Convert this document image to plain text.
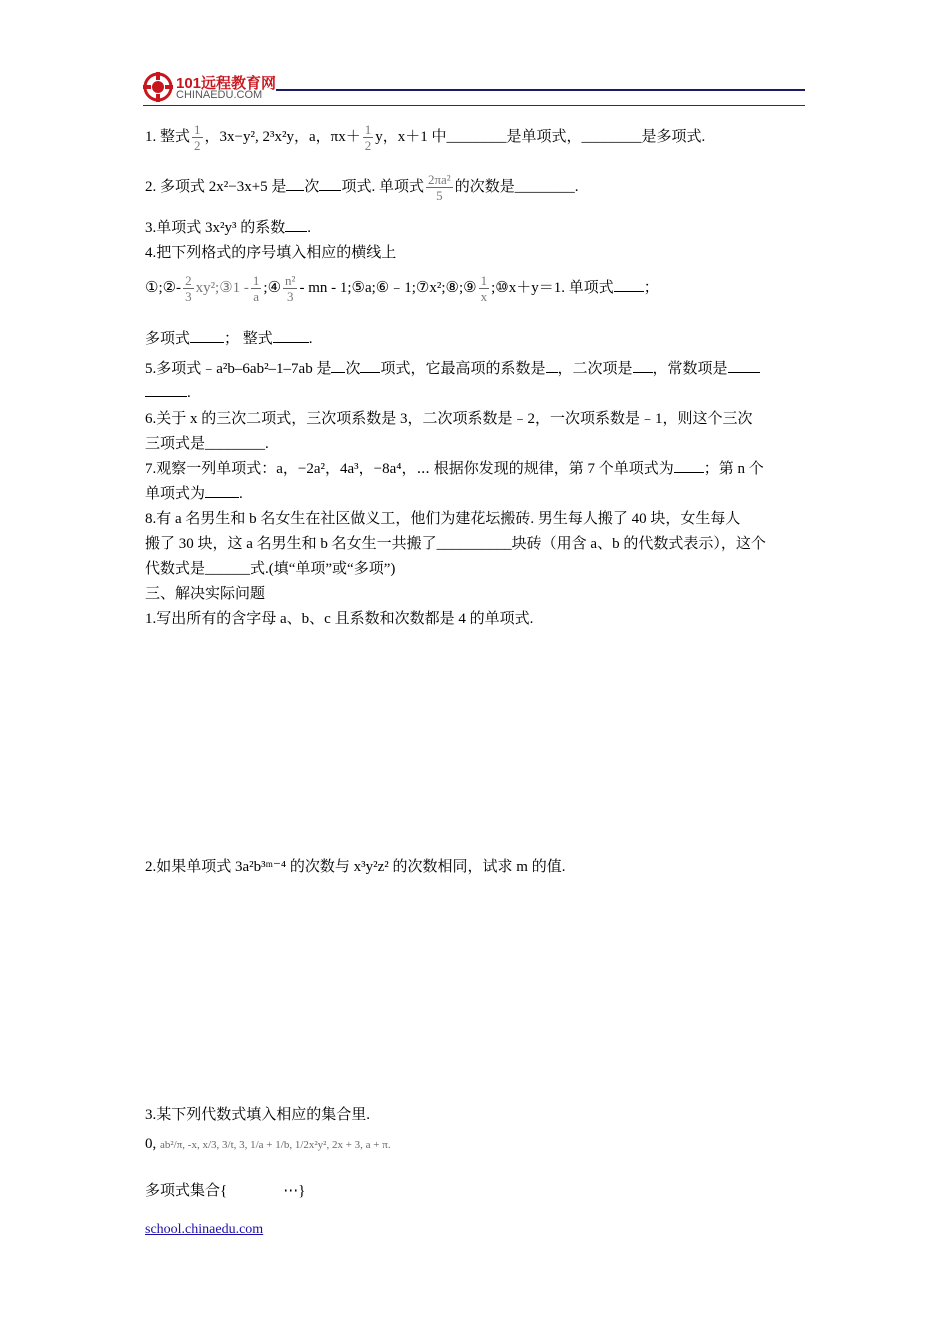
101远程教育网
CHINAEDU.COM
1. 整式 $\frac{1}{2}$ ，3x−y², 2³x²y，a，$\pi x+ \frac{1}{2}$ y，x＋1 中________是单项式，________是多项式.
2. 多项式 2x²−3x+5 是 次 项式. 单项式 $\frac{\text{2πa²}}{5}$ 的次数是________.
3.单项式 3x²y³ 的系数 .
4.把下列格式的序号填入相应的横线上
①;②- $\frac{2}{3}$ xy²;③1 - $\frac{1}{a}$ ;④ $\frac{\text{n²}}{3}$ - mn - 1;⑤a;⑥﹣1;⑦x²;⑧;⑨ $\frac{1}{x}$ ;⑩x＋y＝1. 单项式 ；
多项式 ； 整式 .
5.多项式﹣a²b–6ab²–1–7ab 是 次 项式，它最高项的系数是 ，二次项是 ，常数项是
.
6.关于 x 的三次二项式，三次项系数是 3，二次项系数是﹣2，一次项系数是﹣1，则这个三次
三项式是________.
7.观察一列单项式：a，−2a²，4a³，−8a⁴，⋯ 根据你发现的规律，第 7 个单项式为 ；第 n 个
单项式为 .
8.有 a 名男生和 b 名女生在社区做义工，他们为建花坛搬砖. 男生每人搬了 40 块，女生每人
搬了 30 块，这 a 名男生和 b 名女生一共搬了__________块砖（用含 a、b 的代数式表示），这个
代数式是______式.(填“单项”或“多项”)
三、解决实际问题
1.写出所有的含字母 a、b、c 且系数和次数都是 4 的单项式.
2.如果单项式 3a²b³ᵐ⁻⁴ 的次数与 x³y²z² 的次数相同，试求 m 的值.
3.某下列代数式填入相应的集合里.
0, ab²/π, -x, x/3, 3/t, 3, 1/a + 1/b, 1/2x²y², 2x + 3, a + π.
多项式集合{	⋯}
school.chinaedu.com
